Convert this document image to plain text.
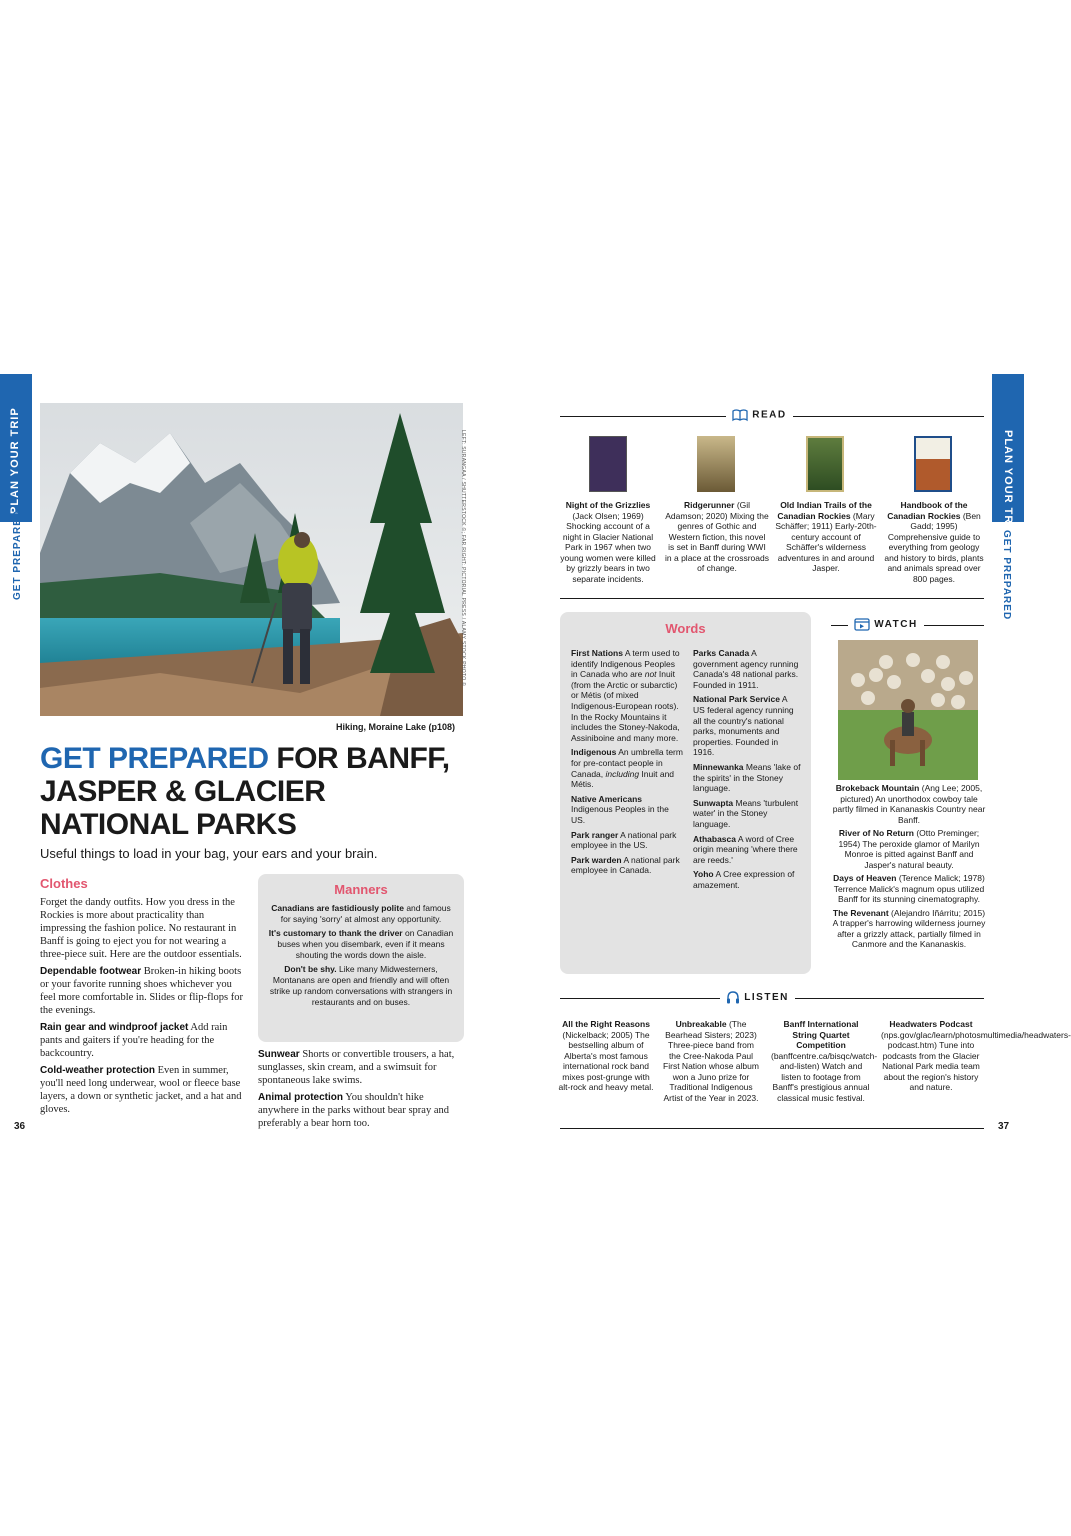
PLAN YOUR TRIP
GET PREPARED
PLAN YOUR TRIP
GET PREPARED
LEFT: SURANGAA / SHUTTERSTOCK ©; FAR RIGHT: PICTORIAL PRESS / ALAMY STOCK PHOTO ©
Hiking, Moraine Lake (p108)
GET PREPARED FOR BANFF, JASPER & GLACIER NATIONAL PARKS
Useful things to load in your bag, your ears and your brain.
Clothes

Forget the dandy outfits. How you dress in the Rockies is more about practicality than impressing the fashion police. No restaurant in Banff is going to eject you for not wearing a three-piece suit. Here are the outdoor essentials.

Dependable footwear Broken-in hiking boots or your favorite running shoes whichever you feel more comfortable in. Slides or flip-flops for the evenings.

Rain gear and windproof jacket Add rain pants and gaiters if you're heading for the backcountry.

Cold-weather protection Even in summer, you'll need long underwear, wool or fleece base layers, a down or synthetic jacket, and a hat and gloves.

Manners

Canadians are fastidiously polite and famous for saying 'sorry' at almost any opportunity.

It's customary to thank the driver on Canadian buses when you disembark, even if it means shouting the words down the aisle.

Don't be shy. Like many Midwesterners, Montanans are open and friendly and will often strike up random conversations with strangers in restaurants and on buses.

Sunwear Shorts or convertible trousers, a hat, sunglasses, skin cream, and a swimsuit for spontaneous lake swims.

Animal protection You shouldn't hike anywhere in the parks without bear spray and preferably a bear horn too.

36	37
READ
Night of the Grizzlies (Jack Olsen; 1969) Shocking account of a night in Glacier National Park in 1967 when two young women were killed by grizzly bears in two separate incidents.
Ridgerunner (Gil Adamson; 2020) Mixing the genres of Gothic and Western fiction, this novel is set in Banff during WWI in a place at the crossroads of change.
Old Indian Trails of the Canadian Rockies (Mary Schäffer; 1911) Early-20th-century account of Schäffer's wilderness adventures in and around Jasper.
Handbook of the Canadian Rockies (Ben Gadd; 1995) Comprehensive guide to everything from geology and history to birds, plants and animals spread over 800 pages.
Words

First Nations A term used to identify Indigenous Peoples in Canada who are not Inuit (from the Arctic or subarctic) or Métis (of mixed Indigenous-European roots). In the Rocky Mountains it includes the Stoney-Nakoda, Assiniboine and many more.

Indigenous An umbrella term for pre-contact people in Canada, including Inuit and Métis.

Native Americans Indigenous Peoples in the US.

Park ranger A national park employee in the US.

Park warden A national park employee in Canada.

Parks Canada A government agency running Canada's 48 national parks. Founded in 1911.

National Park Service A US federal agency running all the country's national parks, monuments and properties. Founded in 1916.

Minnewanka Means 'lake of the spirits' in the Stoney language.

Sunwapta Means 'turbulent water' in the Stoney language.

Athabasca A word of Cree origin meaning 'where there are reeds.'

Yoho A Cree expression of amazement.

WATCH

Brokeback Mountain (Ang Lee; 2005, pictured) An unorthodox cowboy tale partly filmed in Kananaskis Country near Banff.

River of No Return (Otto Preminger; 1954) The peroxide glamor of Marilyn Monroe is pitted against Banff and Jasper's natural beauty.

Days of Heaven (Terence Malick; 1978) Terrence Malick's magnum opus utilized Banff for its stunning cinematography.

The Revenant (Alejandro Iñárritu; 2015) A trapper's harrowing wilderness journey after a grizzly attack, partially filmed in Canmore and the Kananaskis.

LISTEN
All the Right Reasons (Nickelback; 2005) The bestselling album of Alberta's most famous international rock band mixes post-grunge with alt-rock and heavy metal.
Unbreakable (The Bearhead Sisters; 2023) Three-piece band from the Cree-Nakoda Paul First Nation whose album won a Juno prize for Traditional Indigenous Artist of the Year in 2023.
Banff International String Quartet Competition (banffcentre.ca/bisqc/watch-and-listen) Watch and listen to footage from Banff's prestigious annual classical music festival.
Headwaters Podcast (nps.gov/glac/learn/photosmultimedia/headwaters-podcast.htm) Tune into podcasts from the Glacier National Park media team about the region's history and nature.
